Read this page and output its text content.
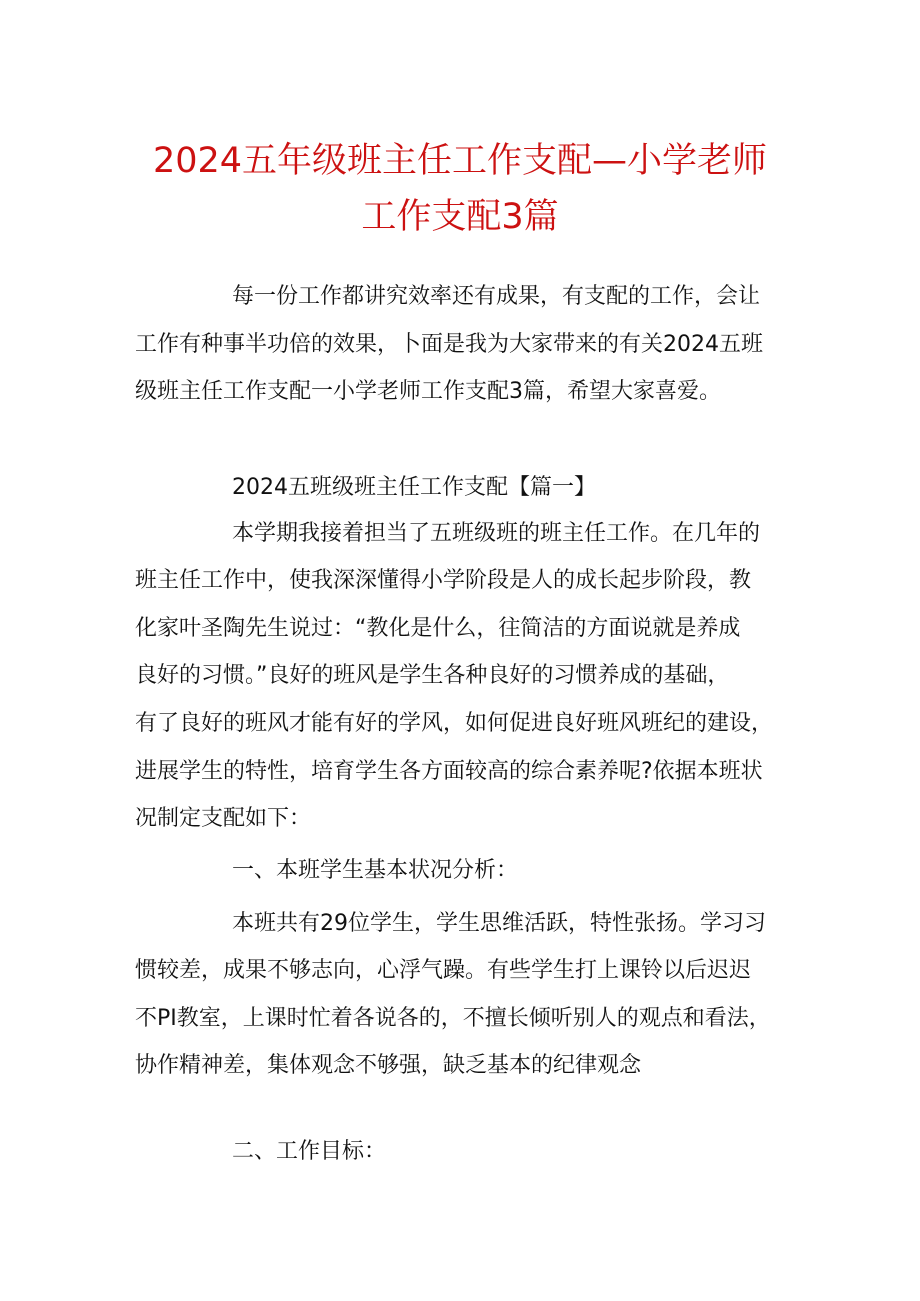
2024五年级班主任工作支配—小学老师
工作支配3篇
每一份工作都讲究效率还有成果，有支配的工作，会让
工作有种事半功倍的效果，卜面是我为大家带来的有关2024五班
级班主任工作支配一小学老师工作支配3篇，希望大家喜爱。
2024五班级班主任工作支配【篇一】
本学期我接着担当了五班级班的班主任工作。在几年的
班主任工作中，使我深深懂得小学阶段是人的成长起步阶段，教
化家叶圣陶先生说过：“教化是什么，往简洁的方面说就是养成
良好的习惯。”良好的班风是学生各种良好的习惯养成的基础，
有了良好的班风才能有好的学风，如何促进良好班风班纪的建设，
进展学生的特性，培育学生各方面较高的综合素养呢?依据本班状
况制定支配如下：
一、本班学生基本状况分析：
本班共有29位学生，学生思维活跃，特性张扬。学习习
惯较差，成果不够志向，心浮气躁。有些学生打上课铃以后迟迟
不PI教室，上课时忙着各说各的，不擅长倾听别人的观点和看法，
协作精神差，集体观念不够强，缺乏基本的纪律观念
二、工作目标：
